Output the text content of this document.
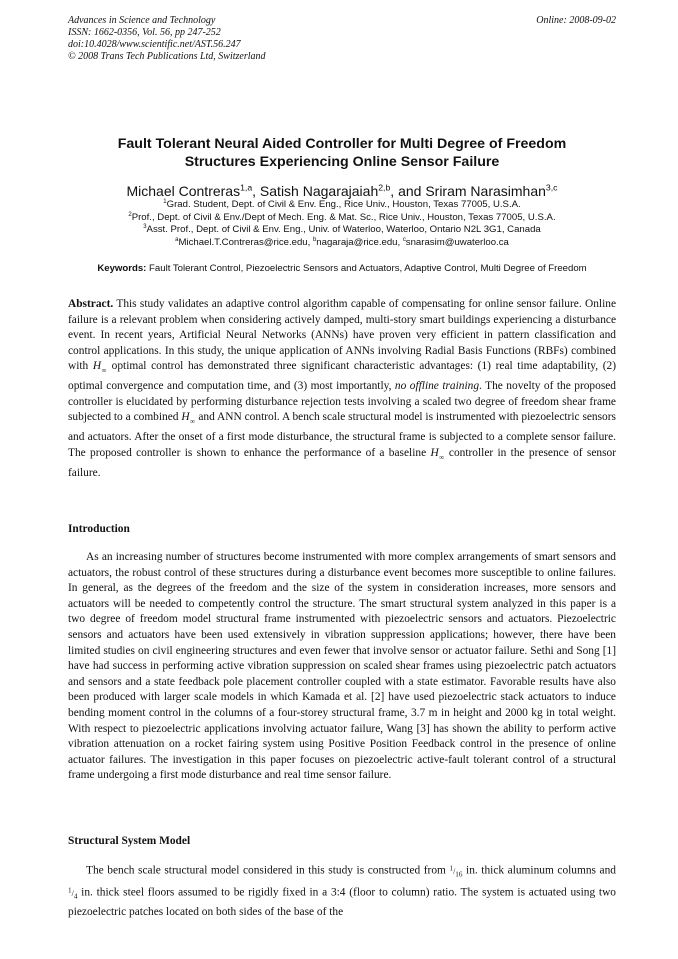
Advances in Science and Technology
ISSN: 1662-0356, Vol. 56, pp 247-252
doi:10.4028/www.scientific.net/AST.56.247
© 2008 Trans Tech Publications Ltd, Switzerland
Online: 2008-09-02
Fault Tolerant Neural Aided Controller for Multi Degree of Freedom
Structures Experiencing Online Sensor Failure
Michael Contreras$^{1,a}$, Satish Nagarajaiah$^{2,b}$, and Sriram Narasimhan$^{3,c}$
$^1$Grad. Student, Dept. of Civil & Env. Eng., Rice Univ., Houston, Texas 77005, U.S.A.
$^2$Prof., Dept. of Civil & Env./Dept of Mech. Eng. & Mat. Sc., Rice Univ., Houston, Texas 77005, U.S.A.
$^3$Asst. Prof., Dept. of Civil & Env. Eng., Univ. of Waterloo, Waterloo, Ontario N2L 3G1, Canada
$^a$Michael.T.Contreras@rice.edu, $^b$nagaraja@rice.edu, $^c$snarasim@uwaterloo.ca
Keywords: Fault Tolerant Control, Piezoelectric Sensors and Actuators, Adaptive Control, Multi Degree of Freedom
Abstract. This study validates an adaptive control algorithm capable of compensating for online sensor failure. Online failure is a relevant problem when considering actively damped, multi-story smart buildings experiencing a disturbance event. In recent years, Artificial Neural Networks (ANNs) have proven very efficient in pattern classification and control applications. In this study, the unique application of ANNs involving Radial Basis Functions (RBFs) combined with $H_\infty$ optimal control has demonstrated three significant characteristic advantages: (1) real time adaptability, (2) optimal convergence and computation time, and (3) most importantly, no offline training. The novelty of the proposed controller is elucidated by performing disturbance rejection tests involving a scaled two degree of freedom shear frame subjected to a combined $H_\infty$ and ANN control. A bench scale structural model is instrumented with piezoelectric sensors and actuators. After the onset of a first mode disturbance, the structural frame is subjected to a complete sensor failure. The proposed controller is shown to enhance the performance of a baseline $H_\infty$ controller in the presence of sensor failure.
Introduction
As an increasing number of structures become instrumented with more complex arrangements of smart sensors and actuators, the robust control of these structures during a disturbance event becomes more susceptible to online failures. In general, as the degrees of the freedom and the size of the system in consideration increases, more sensors and actuators will be needed to competently control the structure. The smart structural system analyzed in this paper is a two degree of freedom model structural frame instrumented with piezoelectric sensors and actuators. Piezoelectric sensors and actuators have been used extensively in vibration suppression applications; however, there have been limited studies on civil engineering structures and even fewer that involve sensor or actuator failure. Sethi and Song [1] have had success in performing active vibration suppression on scaled shear frames using piezoelectric patch actuators and sensors and a state feedback pole placement controller coupled with a state estimator. Favorable results have also been produced with larger scale models in which Kamada et al. [2] have used piezoelectric stack actuators to induce bending moment control in the columns of a four-storey structural frame, 3.7 m in height and 2000 kg in total weight. With respect to piezoelectric applications involving actuator failure, Wang [3] has shown the ability to perform active vibration attenuation on a rocket fairing system using Positive Position Feedback control in the presence of online actuator failures. The investigation in this paper focuses on piezoelectric active-fault tolerant control of a structural frame undergoing a first mode disturbance and real time sensor failure.
Structural System Model
The bench scale structural model considered in this study is constructed from $^1/_{16}$ in. thick aluminum columns and $^1/_4$ in. thick steel floors assumed to be rigidly fixed in a 3:4 (floor to column) ratio. The system is actuated using two piezoelectric patches located on both sides of the base of the
